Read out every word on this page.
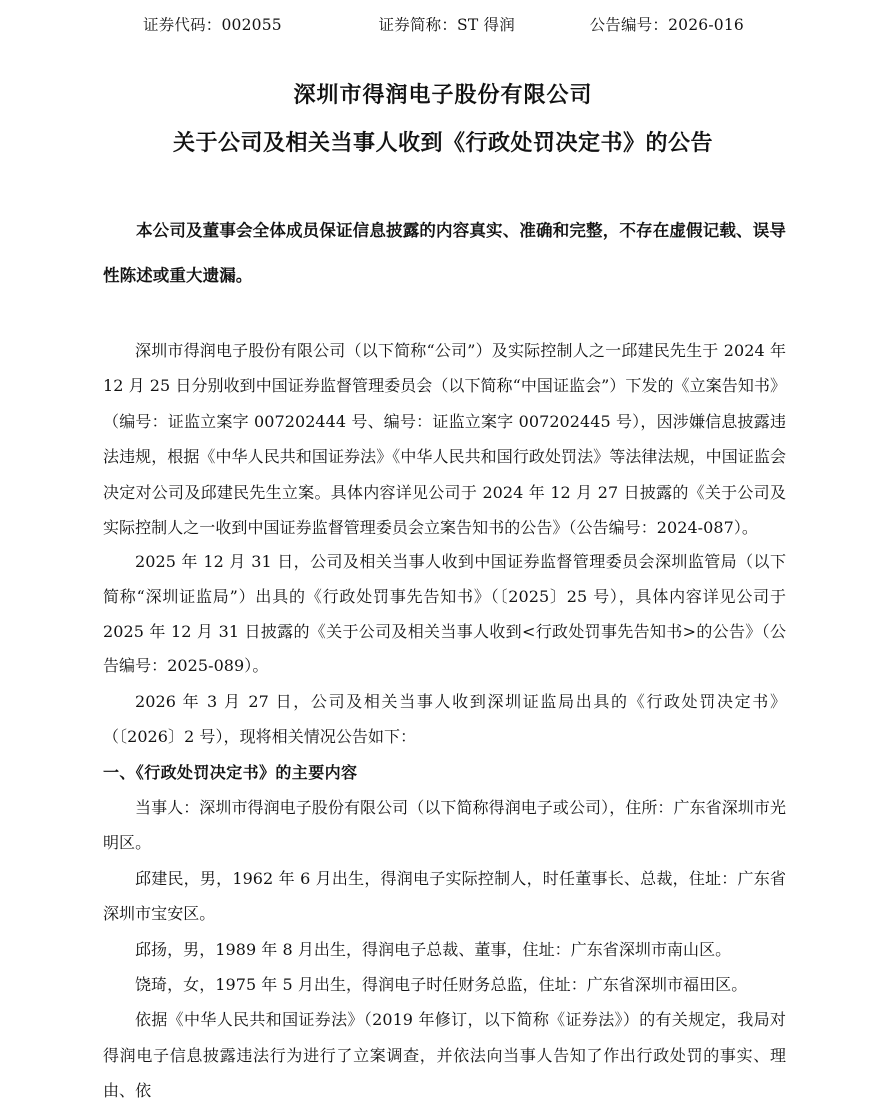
证券代码：002055	证券简称：ST 得润	公告编号：2026-016
深圳市得润电子股份有限公司
关于公司及相关当事人收到《行政处罚决定书》的公告
本公司及董事会全体成员保证信息披露的内容真实、准确和完整，不存在虚假记载、误导性陈述或重大遗漏。

深圳市得润电子股份有限公司（以下简称“公司”）及实际控制人之一邱建民先生于 2024 年 12 月 25 日分别收到中国证券监督管理委员会（以下简称“中国证监会”）下发的《立案告知书》（编号：证监立案字 007202444 号、编号：证监立案字 007202445 号），因涉嫌信息披露违法违规，根据《中华人民共和国证券法》《中华人民共和国行政处罚法》等法律法规，中国证监会决定对公司及邱建民先生立案。具体内容详见公司于 2024 年 12 月 27 日披露的《关于公司及实际控制人之一收到中国证券监督管理委员会立案告知书的公告》（公告编号：2024-087）。

2025 年 12 月 31 日，公司及相关当事人收到中国证券监督管理委员会深圳监管局（以下简称“深圳证监局”）出具的《行政处罚事先告知书》（〔2025〕25 号），具体内容详见公司于 2025 年 12 月 31 日披露的《关于公司及相关当事人收到<行政处罚事先告知书>的公告》（公告编号：2025-089）。

2026 年 3 月 27 日，公司及相关当事人收到深圳证监局出具的《行政处罚决定书》（〔2026〕2 号），现将相关情况公告如下：

一、《行政处罚决定书》的主要内容

当事人：深圳市得润电子股份有限公司（以下简称得润电子或公司），住所：广东省深圳市光明区。

邱建民，男，1962 年 6 月出生，得润电子实际控制人，时任董事长、总裁，住址：广东省深圳市宝安区。

邱扬，男，1989 年 8 月出生，得润电子总裁、董事，住址：广东省深圳市南山区。

饶琦，女，1975 年 5 月出生，得润电子时任财务总监，住址：广东省深圳市福田区。

依据《中华人民共和国证券法》（2019 年修订，以下简称《证券法》）的有关规定，我局对得润电子信息披露违法行为进行了立案调查，并依法向当事人告知了作出行政处罚的事实、理由、依
